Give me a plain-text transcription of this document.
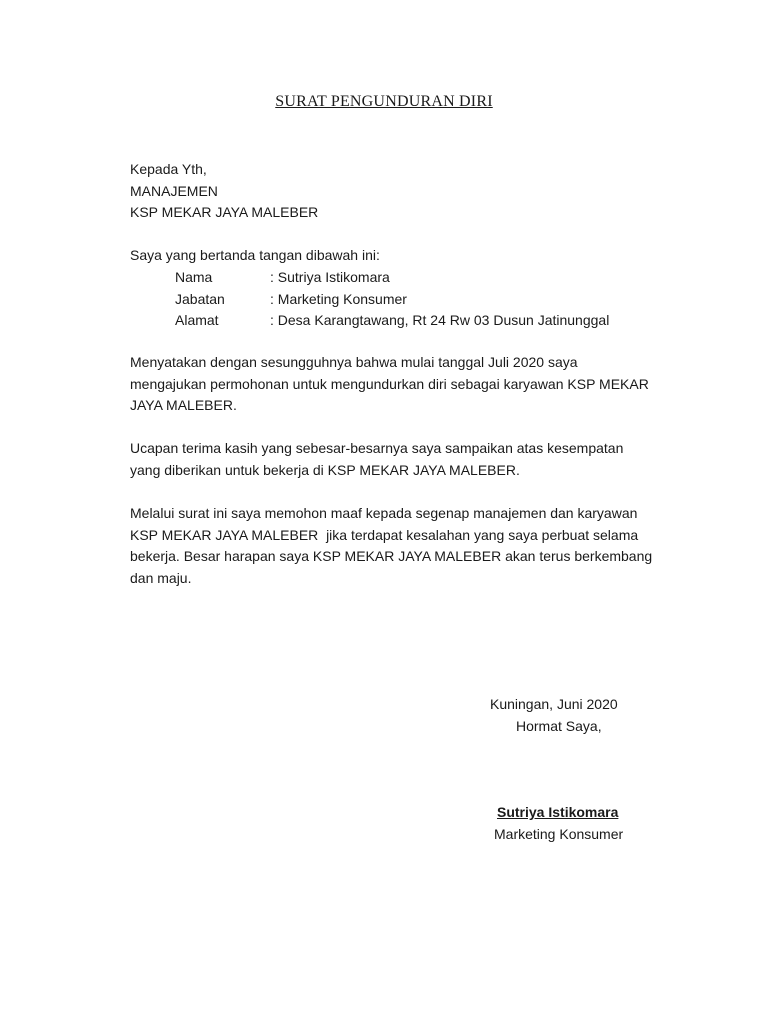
SURAT PENGUNDURAN DIRI
Kepada Yth,
MANAJEMEN
KSP MEKAR JAYA MALEBER
Saya yang bertanda tangan dibawah ini:
Nama	: Sutriya Istikomara
Jabatan	: Marketing Konsumer
Alamat	: Desa Karangtawang, Rt 24 Rw 03 Dusun Jatinunggal
Menyatakan dengan sesungguhnya bahwa mulai tanggal Juli 2020 saya
mengajukan permohonan untuk mengundurkan diri sebagai karyawan KSP MEKAR
JAYA MALEBER.
Ucapan terima kasih yang sebesar-besarnya saya sampaikan atas kesempatan
yang diberikan untuk bekerja di KSP MEKAR JAYA MALEBER.
Melalui surat ini saya memohon maaf kepada segenap manajemen dan karyawan
KSP MEKAR JAYA MALEBER  jika terdapat kesalahan yang saya perbuat selama
bekerja. Besar harapan saya KSP MEKAR JAYA MALEBER akan terus berkembang
dan maju.
Kuningan, Juni 2020
Hormat Saya,
Sutriya Istikomara
Marketing Konsumer
